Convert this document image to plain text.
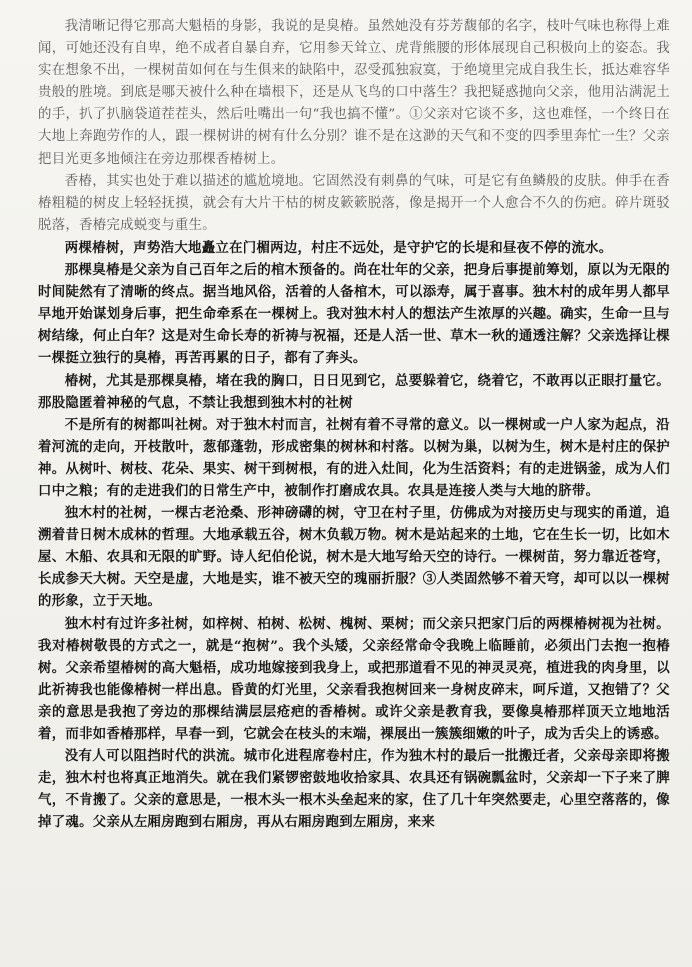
我清晰记得它那高大魁梧的身影，我说的是臭椿。虽然她没有芬芳馥郁的名字，枝叶气味也称得上难闻，可她还没有自卑，绝不成者自暴自弃，它用参天耸立、虎背熊腰的形体展现自己积极向上的姿态。我实在想象不出，一棵树苗如何在与生俱来的缺陷中，忍受孤独寂寞，于绝境里完成自我生长，抵达难容华贵般的胜境。到底是哪天被什么种在墙根下，还是从飞鸟的口中落生？我把疑惑抛向父亲，他用沾满泥土的手，扒了扒脑袋道茬茬头，然后吐嘴出一句“我也搞不懂”。①父亲对它谈不多，这也难怪，一个终日在大地上奔跑劳作的人，跟一棵树讲的树有什么分别？谁不是在这渺的天气和不变的四季里奔忙一生？父亲把目光更多地倾注在旁边那棵香椿树上。

香椿，其实也处于难以描述的尴尬境地。它固然没有刺鼻的气味，可是它有鱼鳞般的皮肤。伸手在香椿粗糙的树皮上轻轻抚摸，就会有大片干枯的树皮簌簌脱落，像是揭开一个人愈合不久的伤疤。碎片斑驳脱落，香椿完成蜕变与重生。

两棵椿树，声势浩大地矗立在门楣两边，村庄不远处，是守护它的长堤和昼夜不停的流水。

那棵臭椿是父亲为自己百年之后的棺木预备的。尚在壮年的父亲，把身后事提前筹划，原以为无限的时间陡然有了清晰的终点。据当地风俗，活着的人备棺木，可以添寿，属于喜事。独木村的成年男人都早早地开始谋划身后事，把生命牵系在一棵树上。我对独木村人的想法产生浓厚的兴趣。确实，生命一旦与树结缘，何止白年？这是对生命长寿的祈祷与祝福，还是人活一世、草木一秋的通透注解？父亲选择让棵一棵挺立独行的臭椿，再苦再累的日子，都有了奔头。

椿树，尤其是那棵臭椿，堵在我的胸口，日日见到它，总要躲着它，绕着它，不敢再以正眼打量它。那股隐匿着神秘的气息，不禁让我想到独木村的社树

不是所有的树都叫社树。对于独木村而言，社树有着不寻常的意义。以一棵树或一户人家为起点，沿着河流的走向，开枝散叶，葱郁蓬勃，形成密集的树林和村落。以树为巢，以树为生，树木是村庄的保护神。从树叶、树枝、花朵、果实、树干到树根，有的进入灶间，化为生活资料；有的走进锅釜，成为人们口中之粮；有的走进我们的日常生产中，被制作打磨成农具。农具是连接人类与大地的脐带。

独木村的社树，一棵古老沧桑、形神磅礴的树，守卫在村子里，仿佛成为对接历史与现实的甬道，追溯着昔日树木成林的哲理。大地承载五谷，树木负载万物。树木是站起来的土地，它在生长一切，比如木屋、木船、农具和无限的旷野。诗人纪伯伦说，树木是大地写给天空的诗行。一棵树苗，努力靠近苍穹，长成参天大树。天空是虚，大地是实，谁不被天空的瑰丽折服？③人类固然够不着天穹，却可以以一棵树的形象，立于天地。

独木村有过许多社树，如梓树、柏树、松树、槐树、栗树；而父亲只把家门后的两棵椿树视为社树。我对椿树敬畏的方式之一，就是“抱树”。我个头矮，父亲经常命令我晚上临睡前，必须出门去抱一抱椿树。父亲希望椿树的高大魁梧，成功地嫁接到我身上，或把那道看不见的神灵灵亮，植进我的肉身里，以此祈祷我也能像椿树一样出息。昏黄的灯光里，父亲看我抱树回来一身树皮碎末，呵斥道，又抱错了？父亲的意思是我抱了旁边的那棵结满层层疮疤的香椿树。或许父亲是教育我，要像臭椿那样顶天立地地活着，而非如香椿那样，早春一到，它就会在枝头的末端，裸展出一簇簇细嫩的叶子，成为舌尖上的诱惑。

没有人可以阻挡时代的洪流。城市化进程席卷村庄，作为独木村的最后一批搬迁者，父亲母亲即将搬走，独木村也将真正地消失。就在我们紧锣密鼓地收拾家具、农具还有锅碗瓢盆时，父亲却一下子来了脾气，不肯搬了。父亲的意思是，一根木头一根木头垒起来的家，住了几十年突然要走，心里空落落的，像掉了魂。父亲从左厢房跑到右厢房，再从右厢房跑到左厢房，来来
